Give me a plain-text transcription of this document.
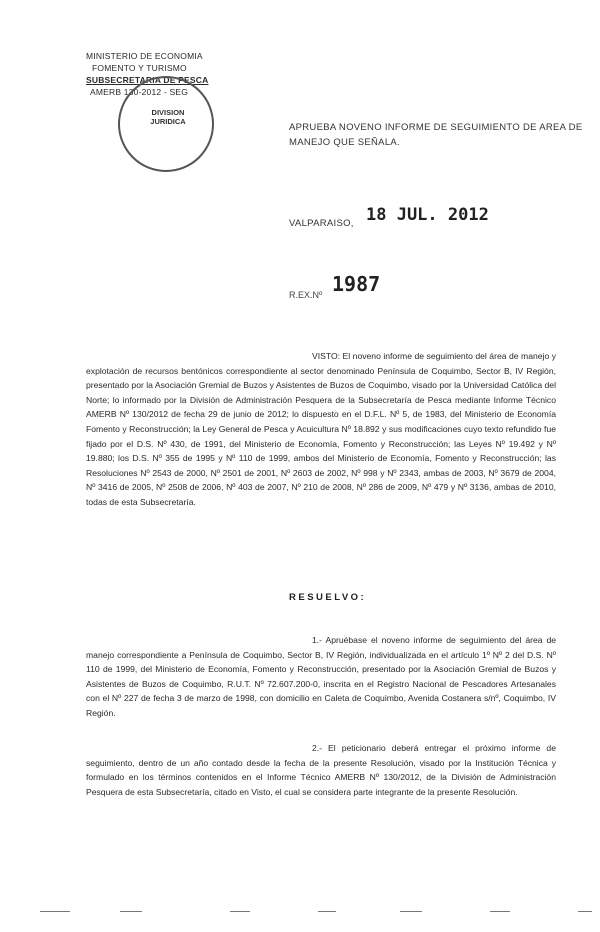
MINISTERIO DE ECONOMIA
FOMENTO Y TURISMO
SUBSECRETARIA DE PESCA
AMERB 130-2012 - SEG
DIVISION
JURIDICA
APRUEBA NOVENO INFORME DE SEGUIMIENTO DE AREA DE MANEJO QUE SEÑALA.
VALPARAISO, 18 JUL. 2012
R.EX.Nº 1987
VISTO: El noveno informe de seguimiento del área de manejo y explotación de recursos bentónicos correspondiente al sector denominado Península de Coquimbo, Sector B, IV Región, presentado por la Asociación Gremial de Buzos y Asistentes de Buzos de Coquimbo, visado por la Universidad Católica del Norte; lo informado por la División de Administración Pesquera de la Subsecretaría de Pesca mediante Informe Técnico AMERB Nº 130/2012 de fecha 29 de junio de 2012; lo dispuesto en el D.F.L. Nº 5, de 1983, del Ministerio de Economía Fomento y Reconstrucción; la Ley General de Pesca y Acuicultura Nº 18.892 y sus modificaciones cuyo texto refundido fue fijado por el D.S. Nº 430, de 1991, del Ministerio de Economía, Fomento y Reconstrucción; las Leyes Nº 19.492 y Nº 19.880; los D.S. Nº 355 de 1995 y Nº 110 de 1999, ambos del Ministerio de Economía, Fomento y Reconstrucción; las Resoluciones Nº 2543 de 2000, Nº 2501 de 2001, Nº 2603 de 2002, Nº 998 y Nº 2343, ambas de 2003, Nº 3679 de 2004, Nº 3416 de 2005, Nº 2508 de 2006, Nº 403 de 2007, Nº 210 de 2008, Nº 286 de 2009, Nº 479 y Nº 3136, ambas de 2010, todas de esta Subsecretaría.
RESUELVO:
1.- Apruébase el noveno informe de seguimiento del área de manejo correspondiente a Península de Coquimbo, Sector B, IV Región, individualizada en el artículo 1º Nº 2 del D.S. Nº 110 de 1999, del Ministerio de Economía, Fomento y Reconstrucción, presentado por la Asociación Gremial de Buzos y Asistentes de Buzos de Coquimbo, R.U.T. Nº 72.607.200-0, inscrita en el Registro Nacional de Pescadores Artesanales con el Nº 227 de fecha 3 de marzo de 1998, con domicilio en Caleta de Coquimbo, Avenida Costanera s/nº, Coquimbo, IV Región.
2.- El peticionario deberá entregar el próximo informe de seguimiento, dentro de un año contado desde la fecha de la presente Resolución, visado por la Institución Técnica y formulado en los términos contenidos en el Informe Técnico AMERB Nº 130/2012, de la División de Administración Pesquera de esta Subsecretaría, citado en Visto, el cual se considera parte integrante de la presente Resolución.
